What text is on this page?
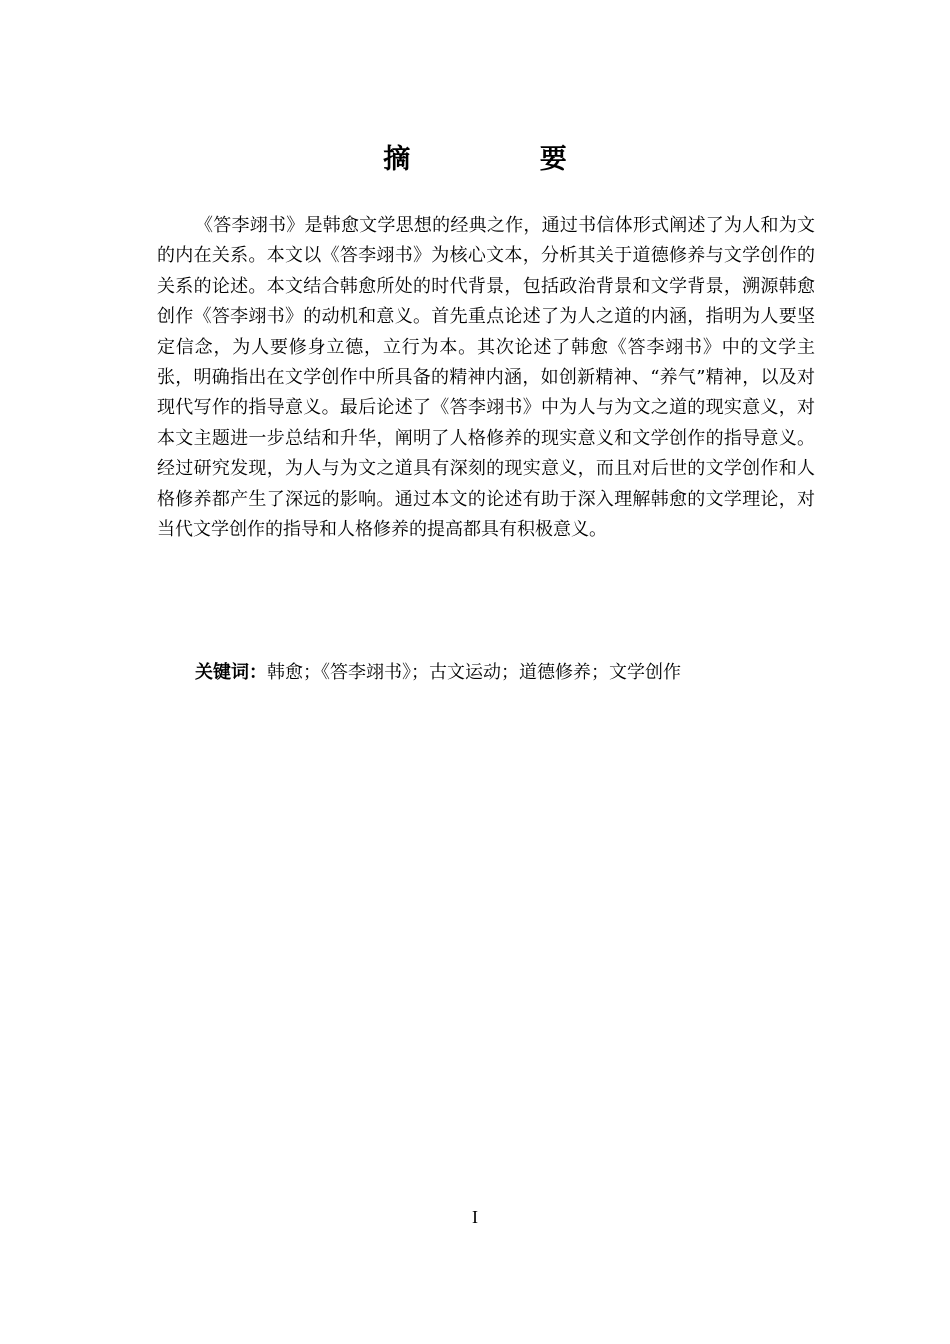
摘 要

《答李翊书》是韩愈文学思想的经典之作，通过书信体形式阐述了为人和为文的内在关系。本文以《答李翊书》为核心文本，分析其关于道德修养与文学创作的关系的论述。本文结合韩愈所处的时代背景，包括政治背景和文学背景，溯源韩愈创作《答李翊书》的动机和意义。首先重点论述了为人之道的内涵，指明为人要坚定信念，为人要修身立德，立行为本。其次论述了韩愈《答李翊书》中的文学主张，明确指出在文学创作中所具备的精神内涵，如创新精神、“养气”精神，以及对现代写作的指导意义。最后论述了《答李翊书》中为人与为文之道的现实意义，对本文主题进一步总结和升华，阐明了人格修养的现实意义和文学创作的指导意义。经过研究发现，为人与为文之道具有深刻的现实意义，而且对后世的文学创作和人格修养都产生了深远的影响。通过本文的论述有助于深入理解韩愈的文学理论，对当代文学创作的指导和人格修养的提高都具有积极意义。

关键词：韩愈；《答李翊书》；古文运动；道德修养；文学创作

I
